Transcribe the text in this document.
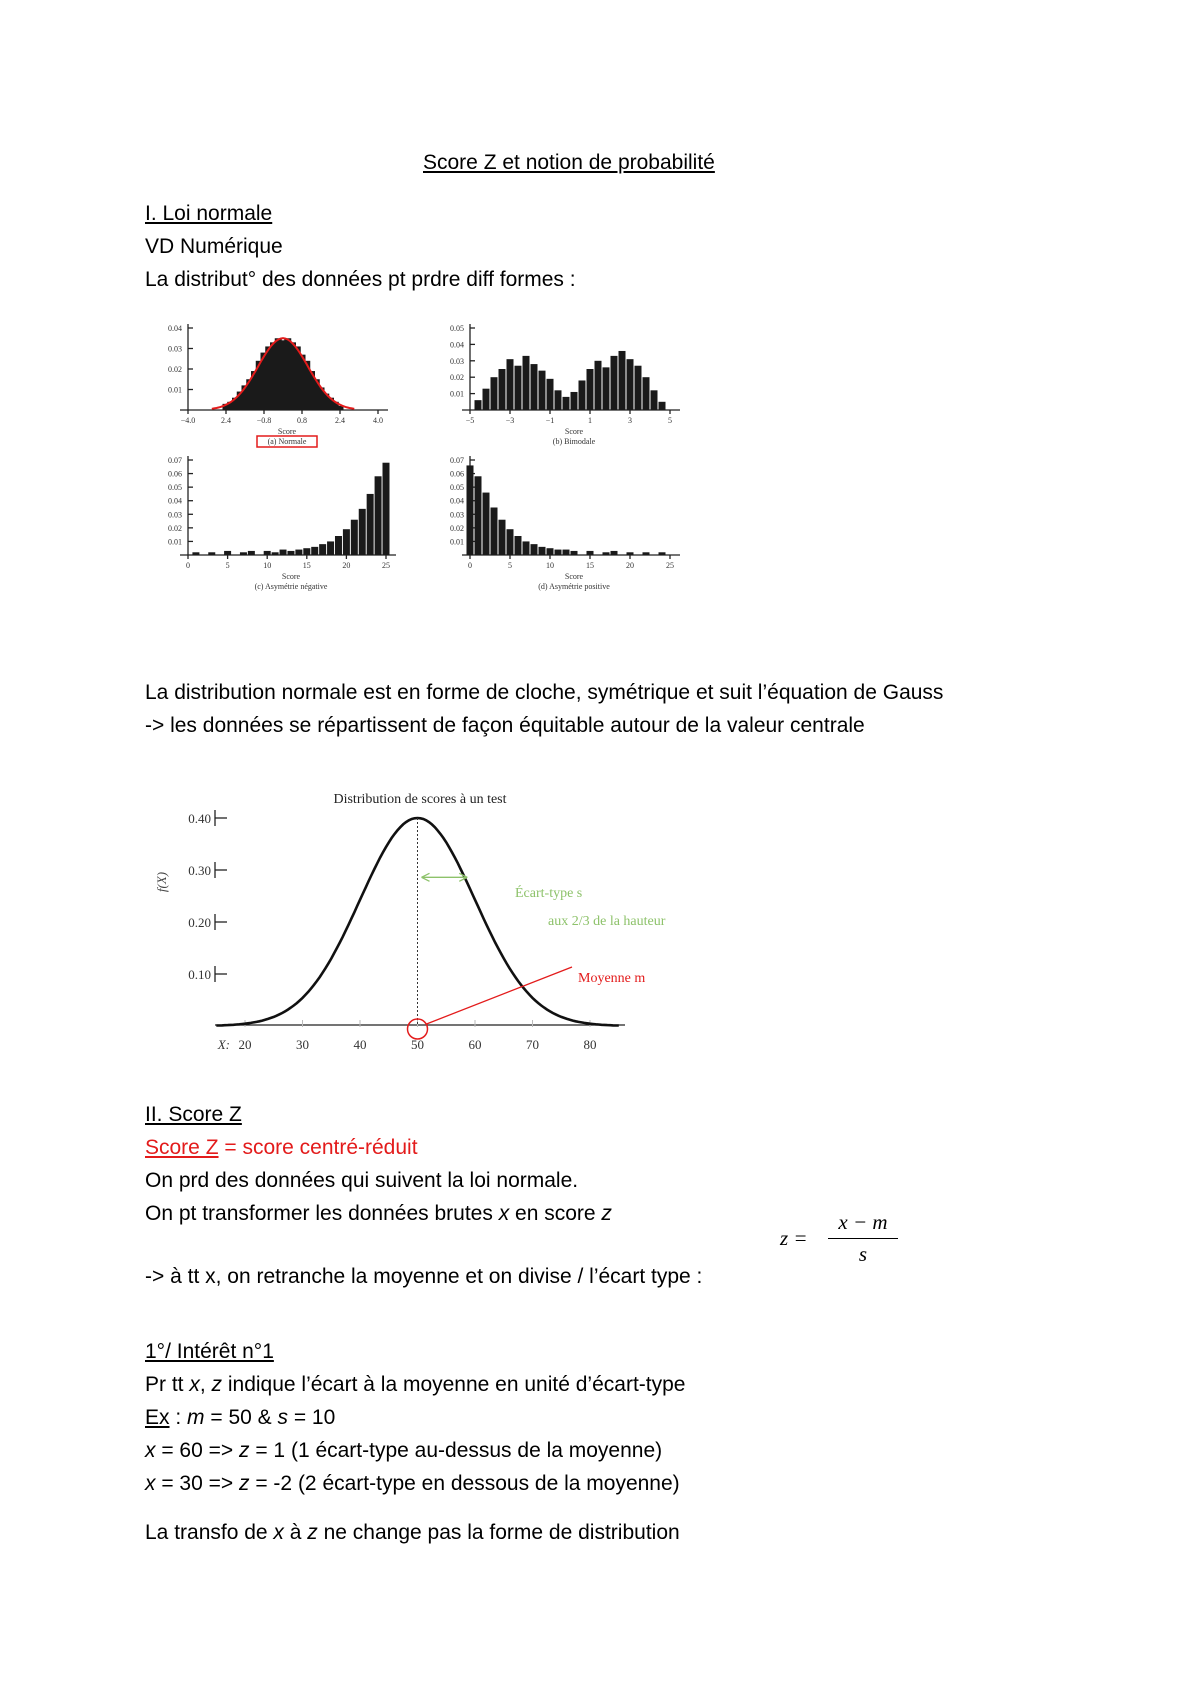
Score Z et notion de probabilité
I. Loi normale
VD Numérique
La distribut° des données pt prdre diff formes :
0.04
0.03
0.02
0.01
−4.0	2.4	−0.8	0.8	2.4	4.0
Score
(a) Normale
0.05
0.04
0.03
0.02
0.01
−5	−3	−1	1	3	5
Score
(b) Bimodale
0.07
0.06
0.05
0.04
0.03
0.02
0.01
0	5	10	15	20	25
Score
(c) Asymétrie négative
0.07
0.06
0.05
0.04
0.03
0.02
0.01
0	5	10	15	20	25
Score
(d) Asymétrie positive
La distribution normale est en forme de cloche, symétrique et suit l’équation de Gauss
-> les données se répartissent de façon équitable autour de la valeur centrale
Distribution de scores à un test
f(X)
0.40
0.30
0.20
0.10
X: 20	30	40	50	60	70	80
Écart-type s
aux 2/3 de la hauteur
Moyenne m
II. Score Z
Score Z = score centré-réduit
On prd des données qui suivent la loi normale.
On pt transformer les données brutes x en score z
z =
x − m
s
-> à tt x, on retranche la moyenne et on divise / l’écart type :
1°/ Intérêt n°1
Pr tt x, z indique l’écart à la moyenne en unité d’écart-type
Ex : m = 50 & s = 10
x = 60 => z = 1 (1 écart-type au-dessus de la moyenne)
x = 30 => z = -2 (2 écart-type en dessous de la moyenne)
La transfo de x à z ne change pas la forme de distribution
